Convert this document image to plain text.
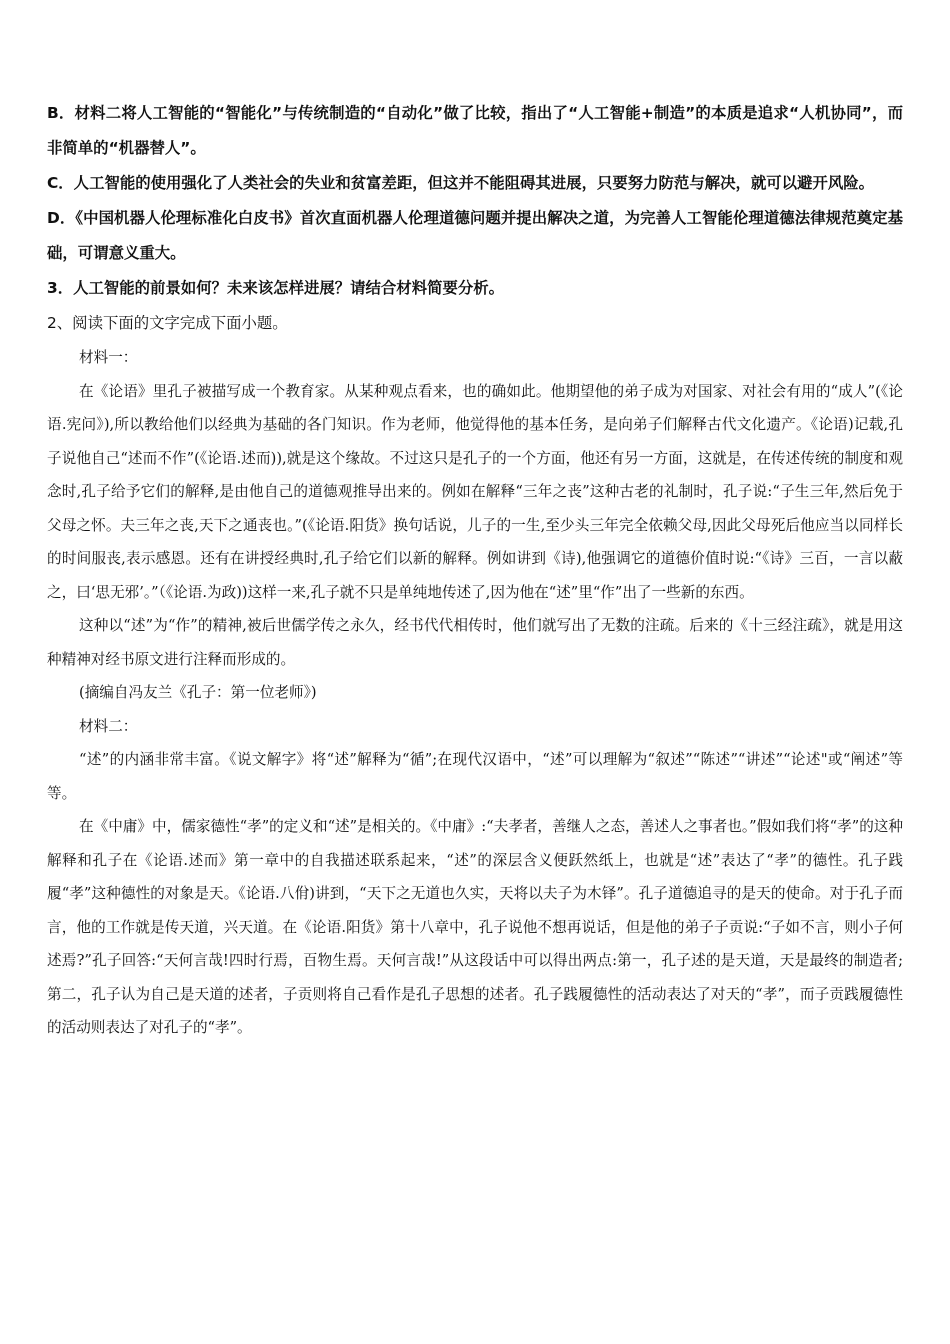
B．材料二将人工智能的“智能化”与传统制造的“自动化”做了比较，指出了“人工智能+制造”的本质是追求“人机协同”，而非简单的“机器替人”。

C．人工智能的使用强化了人类社会的失业和贫富差距，但这并不能阻碍其进展，只要努力防范与解决，就可以避开风险。

D．《中国机器人伦理标准化白皮书》首次直面机器人伦理道德问题并提出解决之道，为完善人工智能伦理道德法律规范奠定基础，可谓意义重大。

3．人工智能的前景如何？未来该怎样进展？请结合材料简要分析。

2、阅读下面的文字完成下面小题。

材料一：

在《论语》里孔子被描写成一个教育家。从某种观点看来，也的确如此。他期望他的弟子成为对国家、对社会有用的“成人”(《论语.宪问》),所以教给他们以经典为基础的各门知识。作为老师，他觉得他的基本任务，是向弟子们解释古代文化遗产。《论语)记载,孔子说他自己“述而不作”(《论语.述而)),就是这个缘故。不过这只是孔子的一个方面，他还有另一方面，这就是，在传述传统的制度和观念时,孔子给予它们的解释,是由他自己的道德观推导出来的。例如在解释“三年之丧”这种古老的礼制时，孔子说:“子生三年,然后免于父母之怀。夫三年之丧,天下之通丧也。”(《论语.阳货》换句话说，儿子的一生,至少头三年完全依赖父母,因此父母死后他应当以同样长的时间服丧,表示感恩。还有在讲授经典时,孔子给它们以新的解释。例如讲到《诗),他强调它的道德价值时说:“《诗》三百，一言以蔽之，曰‘思无邪’。”（《论语.为政))这样一来,孔子就不只是单纯地传述了,因为他在“述”里“作”出了一些新的东西。

这种以“述”为“作”的精神,被后世儒学传之永久，经书代代相传时，他们就写出了无数的注疏。后来的《十三经注疏》，就是用这种精神对经书原文进行注释而形成的。

(摘编自冯友兰《孔子：第一位老师》)

材料二：

“述”的内涵非常丰富。《说文解字》将“述”解释为“循”;在现代汉语中，“述”可以理解为“叙述”“陈述”“讲述”“论述"或“阐述”等等。

在《中庸》中，儒家德性“孝”的定义和“述”是相关的。《中庸》:“夫孝者，善继人之态，善述人之事者也。”假如我们将“孝”的这种解释和孔子在《论语.述而》第一章中的自我描述联系起来，“述”的深层含义便跃然纸上，也就是“述”表达了“孝”的德性。孔子践履“孝”这种德性的对象是天。《论语.八佾)讲到，“天下之无道也久实，天将以夫子为木铎”。孔子道德追寻的是天的使命。对于孔子而言，他的工作就是传天道，兴天道。在《论语.阳货》第十八章中，孔子说他不想再说话，但是他的弟子子贡说:“子如不言，则小子何述焉?”孔子回答:“天何言哉!四时行焉，百物生焉。天何言哉!”从这段话中可以得出两点:第一，孔子述的是天道，天是最终的制造者;第二，孔子认为自己是天道的述者，子贡则将自己看作是孔子思想的述者。孔子践履德性的活动表达了对天的“孝”，而子贡践履德性的活动则表达了对孔子的“孝”。
